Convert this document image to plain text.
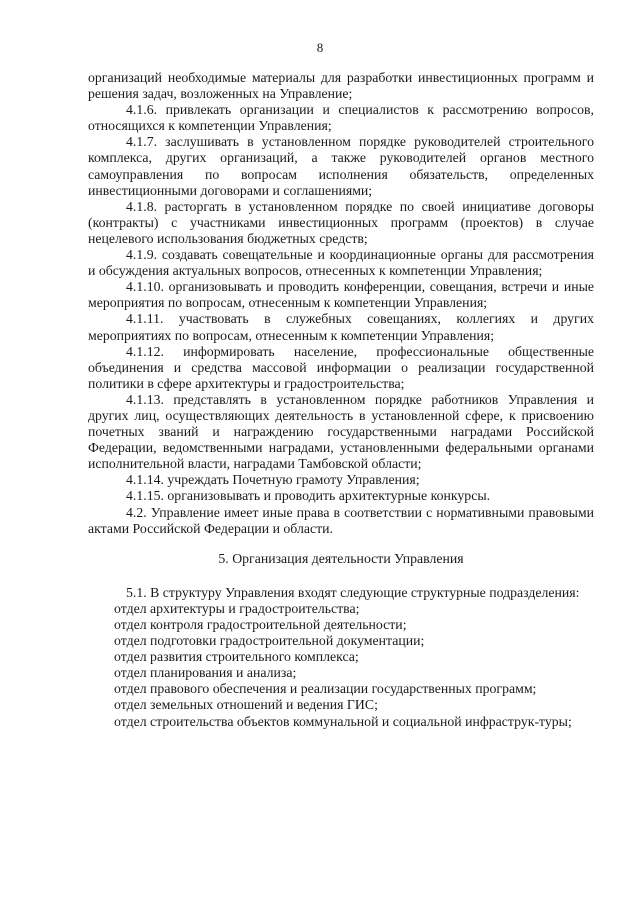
8

организаций необходимые материалы для разработки инвестиционных программ и решения задач, возложенных на Управление;

4.1.6. привлекать организации и специалистов к рассмотрению вопросов, относящихся к компетенции Управления;

4.1.7. заслушивать в установленном порядке руководителей строительного комплекса, других организаций, а также руководителей органов местного самоуправления по вопросам исполнения обязательств, определенных инвестиционными договорами и соглашениями;

4.1.8. расторгать в установленном порядке по своей инициативе договоры (контракты) с участниками инвестиционных программ (проектов) в случае нецелевого использования бюджетных средств;

4.1.9. создавать совещательные и координационные органы для рассмотрения и обсуждения актуальных вопросов, отнесенных к компетенции Управления;

4.1.10. организовывать и проводить конференции, совещания, встречи и иные мероприятия по вопросам, отнесенным к компетенции Управления;

4.1.11. участвовать в служебных совещаниях, коллегиях и других мероприятиях по вопросам, отнесенным к компетенции Управления;

4.1.12. информировать население, профессиональные общественные объединения и средства массовой информации о реализации государственной политики в сфере архитектуры и градостроительства;

4.1.13. представлять в установленном порядке работников Управления и других лиц, осуществляющих деятельность в установленной сфере, к присвоению почетных званий и награждению государственными наградами Российской Федерации, ведомственными наградами, установленными федеральными органами исполнительной власти, наградами Тамбовской области;

4.1.14. учреждать Почетную грамоту Управления;

4.1.15. организовывать и проводить архитектурные конкурсы.

4.2. Управление имеет иные права в соответствии с нормативными правовыми актами Российской Федерации и области.

5. Организация деятельности Управления

5.1. В структуру Управления входят следующие структурные подразделения:

отдел архитектуры и градостроительства;

отдел контроля градостроительной деятельности;

отдел подготовки градостроительной документации;

отдел развития строительного комплекса;

отдел планирования и анализа;

отдел правового обеспечения и реализации государственных программ;

отдел земельных отношений и ведения ГИС;

отдел строительства объектов коммунальной и социальной инфраструк-туры;
